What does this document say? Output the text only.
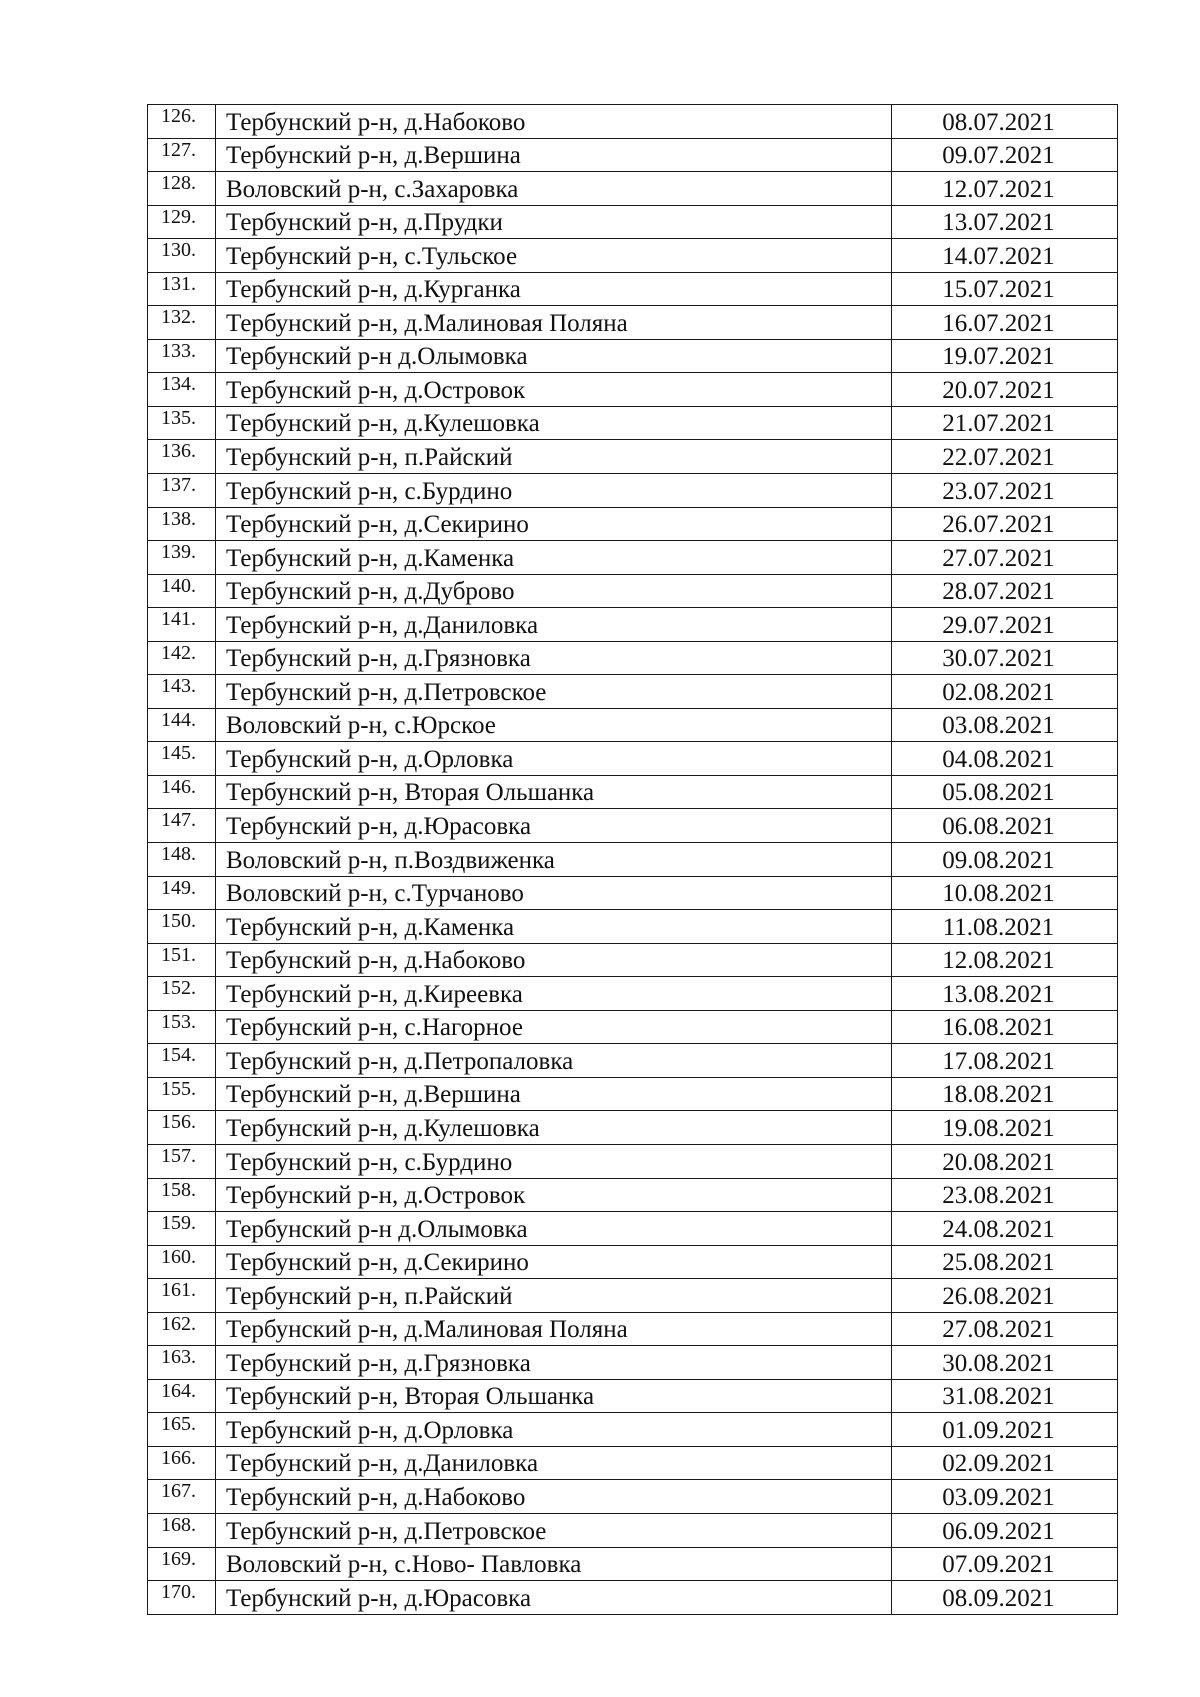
126.	Тербунский р-н, д.Набоково	08.07.2021
127.	Тербунский р-н, д.Вершина	09.07.2021
128.	Воловский р-н, с.Захаровка	12.07.2021
129.	Тербунский р-н, д.Прудки	13.07.2021
130.	Тербунский р-н, с.Тульское	14.07.2021
131.	Тербунский р-н, д.Курганка	15.07.2021
132.	Тербунский р-н, д.Малиновая Поляна	16.07.2021
133.	Тербунский р-н д.Олымовка	19.07.2021
134.	Тербунский р-н, д.Островок	20.07.2021
135.	Тербунский р-н, д.Кулешовка	21.07.2021
136.	Тербунский р-н, п.Райский	22.07.2021
137.	Тербунский р-н, с.Бурдино	23.07.2021
138.	Тербунский р-н, д.Секирино	26.07.2021
139.	Тербунский р-н, д.Каменка	27.07.2021
140.	Тербунский р-н, д.Дуброво	28.07.2021
141.	Тербунский р-н, д.Даниловка	29.07.2021
142.	Тербунский р-н, д.Грязновка	30.07.2021
143.	Тербунский р-н, д.Петровское	02.08.2021
144.	Воловский р-н, с.Юрское	03.08.2021
145.	Тербунский р-н, д.Орловка	04.08.2021
146.	Тербунский р-н, Вторая Ольшанка	05.08.2021
147.	Тербунский р-н, д.Юрасовка	06.08.2021
148.	Воловский р-н, п.Воздвиженка	09.08.2021
149.	Воловский р-н, с.Турчаново	10.08.2021
150.	Тербунский р-н, д.Каменка	11.08.2021
151.	Тербунский р-н, д.Набоково	12.08.2021
152.	Тербунский р-н, д.Киреевка	13.08.2021
153.	Тербунский р-н, с.Нагорное	16.08.2021
154.	Тербунский р-н, д.Петропаловка	17.08.2021
155.	Тербунский р-н, д.Вершина	18.08.2021
156.	Тербунский р-н, д.Кулешовка	19.08.2021
157.	Тербунский р-н, с.Бурдино	20.08.2021
158.	Тербунский р-н, д.Островок	23.08.2021
159.	Тербунский р-н д.Олымовка	24.08.2021
160.	Тербунский р-н, д.Секирино	25.08.2021
161.	Тербунский р-н, п.Райский	26.08.2021
162.	Тербунский р-н, д.Малиновая Поляна	27.08.2021
163.	Тербунский р-н, д.Грязновка	30.08.2021
164.	Тербунский р-н, Вторая Ольшанка	31.08.2021
165.	Тербунский р-н, д.Орловка	01.09.2021
166.	Тербунский р-н, д.Даниловка	02.09.2021
167.	Тербунский р-н, д.Набоково	03.09.2021
168.	Тербунский р-н, д.Петровское	06.09.2021
169.	Воловский р-н, с.Ново- Павловка	07.09.2021
170.	Тербунский р-н, д.Юрасовка	08.09.2021
